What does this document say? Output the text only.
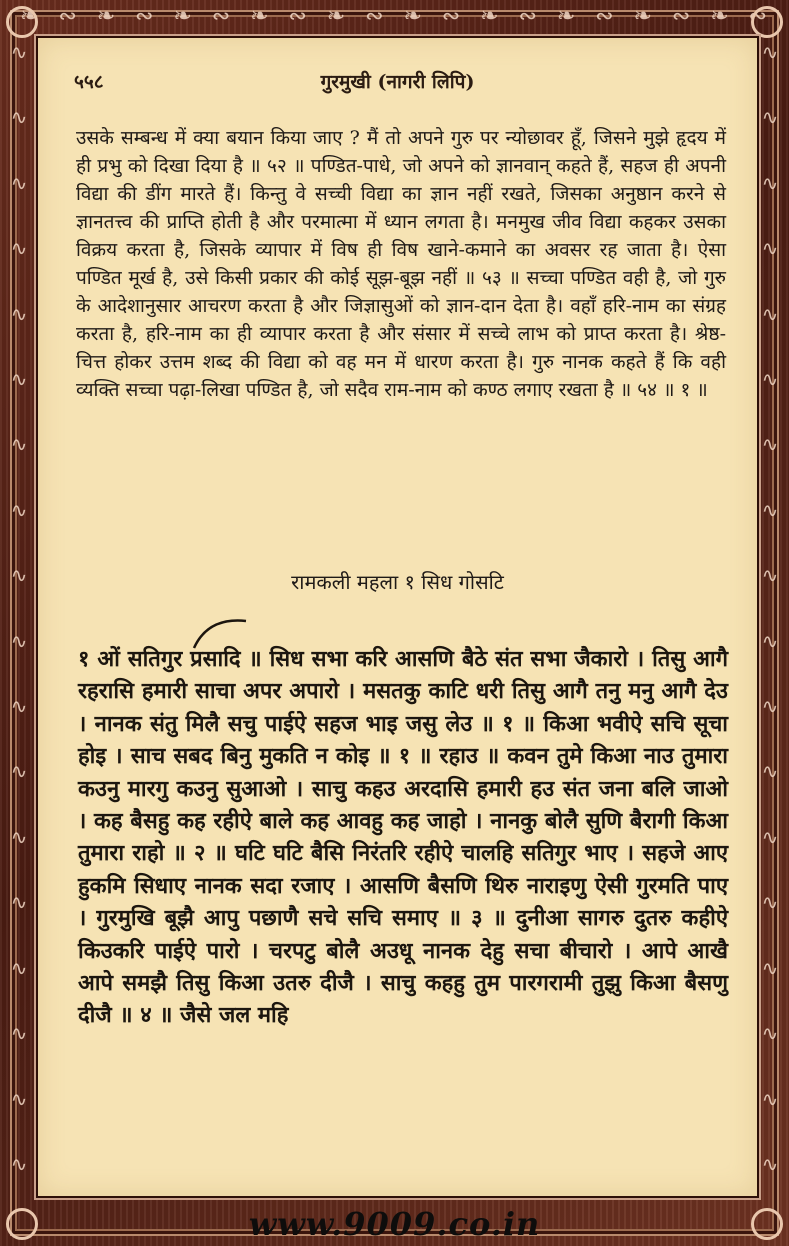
❧ ∾ ❧ ∾ ❧ ∾ ❧ ∾ ❧ ∾ ❧ ∾ ❧ ∾ ❧ ∾ ❧ ∾ ❧ ∾
∿
∿
∿
∿
∿
∿
∿
∿
∿
∿
∿
∿
∿
∿
∿
∿
∿
∿
∿
∿
∿
∿
∿
∿
∿
∿
∿
∿
∿
∿
∿
∿
∿
∿
∿
∿
५५८	गुरमुखी (नागरी लिपि)
उसके सम्बन्ध में क्या बयान किया जाए ? मैं तो अपने गुरु पर न्योछावर हूँ, जिसने मुझे हृदय में ही प्रभु को दिखा दिया है ॥ ५२ ॥ पण्डित-पाधे, जो अपने को ज्ञानवान् कहते हैं, सहज ही अपनी विद्या की डींग मारते हैं। किन्तु वे सच्ची विद्या का ज्ञान नहीं रखते, जिसका अनुष्ठान करने से ज्ञानतत्त्व की प्राप्ति होती है और परमात्मा में ध्यान लगता है। मनमुख जीव विद्या कहकर उसका विक्रय करता है, जिसके व्यापार में विष ही विष खाने-कमाने का अवसर रह जाता है। ऐसा पण्डित मूर्ख है, उसे किसी प्रकार की कोई सूझ-बूझ नहीं ॥ ५३ ॥ सच्चा पण्डित वही है, जो गुरु के आदेशानुसार आचरण करता है और जिज्ञासुओं को ज्ञान-दान देता है। वहाँ हरि-नाम का संग्रह करता है, हरि-नाम का ही व्यापार करता है और संसार में सच्चे लाभ को प्राप्त करता है। श्रेष्ठ-चित्त होकर उत्तम शब्द की विद्या को वह मन में धारण करता है। गुरु नानक कहते हैं कि वही व्यक्ति सच्चा पढ़ा-लिखा पण्डित है, जो सदैव राम-नाम को कण्ठ लगाए रखता है ॥ ५४ ॥ १ ॥
रामकली महला १ सिध गोसटि
१ ओं सतिगुर प्रसादि ॥ सिध सभा करि आसणि बैठे संत सभा जैकारो । तिसु आगै रहरासि हमारी साचा अपर अपारो । मसतकु काटि धरी तिसु आगै तनु मनु आगै देउ । नानक संतु मिलै सचु पाईऐ सहज भाइ जसु लेउ ॥ १ ॥ किआ भवीऐ सचि सूचा होइ । साच सबद बिनु मुकति न कोइ ॥ १ ॥ रहाउ ॥ कवन तुमे किआ नाउ तुमारा कउनु मारगु कउनु सुआओ । साचु कहउ अरदासि हमारी हउ संत जना बलि जाओ । कह बैसहु कह रहीऐ बाले कह आवहु कह जाहो । नानकु बोलै सुणि बैरागी किआ तुमारा राहो ॥ २ ॥ घटि घटि बैसि निरंतरि रहीऐ चालहि सतिगुर भाए । सहजे आए हुकमि सिधाए नानक सदा रजाए । आसणि बैसणि थिरु नाराइणु ऐसी गुरमति पाए । गुरमुखि बूझै आपु पछाणै सचे सचि समाए ॥ ३ ॥ दुनीआ सागरु दुतरु कहीऐ किउकरि पाईऐ पारो । चरपटु बोलै अउधू नानक देहु सचा बीचारो । आपे आखै आपे समझै तिसु किआ उतरु दीजै । साचु कहहु तुम पारगरामी तुझु किआ बैसणु दीजै ॥ ४ ॥ जैसे जल महि
www.9009.co.in
